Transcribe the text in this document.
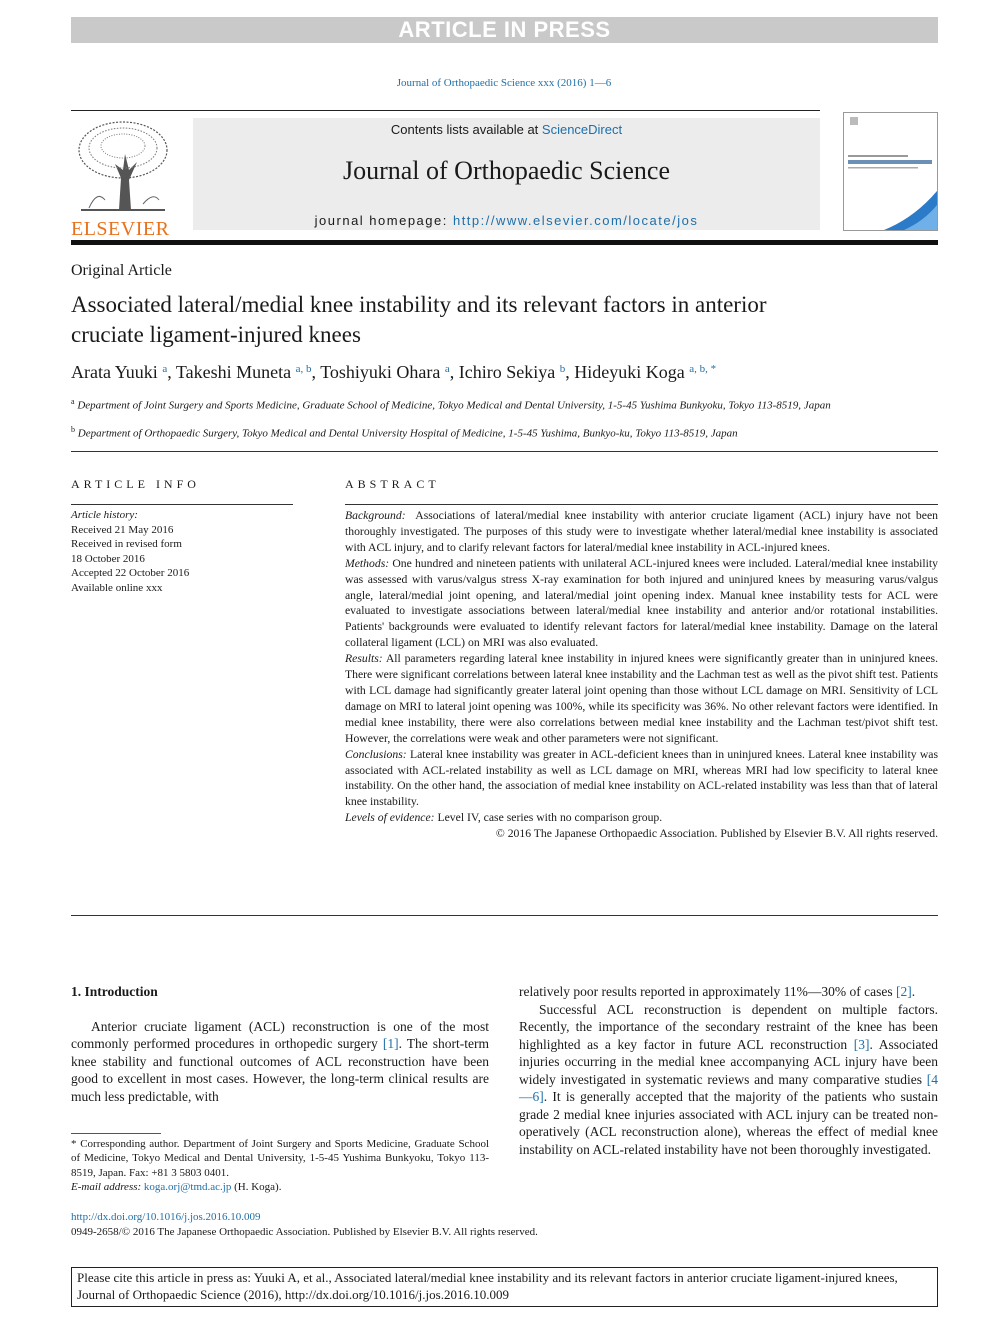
ARTICLE IN PRESS
Journal of Orthopaedic Science xxx (2016) 1—6
ELSEVIER
Contents lists available at ScienceDirect
Journal of Orthopaedic Science
journal homepage: http://www.elsevier.com/locate/jos
Original Article
Associated lateral/medial knee instability and its relevant factors in anterior cruciate ligament-injured knees
Arata Yuuki $^a$, Takeshi Muneta $^{a, b}$, Toshiyuki Ohara $^a$, Ichiro Sekiya $^b$, Hideyuki Koga $^{a, b, *}$
$^a$ Department of Joint Surgery and Sports Medicine, Graduate School of Medicine, Tokyo Medical and Dental University, 1-5-45 Yushima Bunkyoku, Tokyo 113-8519, Japan
$^b$ Department of Orthopaedic Surgery, Tokyo Medical and Dental University Hospital of Medicine, 1-5-45 Yushima, Bunkyo-ku, Tokyo 113-8519, Japan
ARTICLE INFO
Article history:
Received 21 May 2016
Received in revised form
18 October 2016
Accepted 22 October 2016
Available online xxx
ABSTRACT

Background: Associations of lateral/medial knee instability with anterior cruciate ligament (ACL) injury have not been thoroughly investigated. The purposes of this study were to investigate whether lateral/medial knee instability is associated with ACL injury, and to clarify relevant factors for lateral/medial knee instability in ACL-injured knees.

Methods: One hundred and nineteen patients with unilateral ACL-injured knees were included. Lateral/medial knee instability was assessed with varus/valgus stress X-ray examination for both injured and uninjured knees by measuring varus/valgus angle, lateral/medial joint opening, and lateral/medial joint opening index. Manual knee instability tests for ACL were evaluated to investigate associations between lateral/medial knee instability and anterior and/or rotational instabilities. Patients' backgrounds were evaluated to identify relevant factors for lateral/medial knee instability. Damage on the lateral collateral ligament (LCL) on MRI was also evaluated.

Results: All parameters regarding lateral knee instability in injured knees were significantly greater than in uninjured knees. There were significant correlations between lateral knee instability and the Lachman test as well as the pivot shift test. Patients with LCL damage had significantly greater lateral joint opening than those without LCL damage on MRI. Sensitivity of LCL damage on MRI to lateral joint opening was 100%, while its specificity was 36%. No other relevant factors were identified. In medial knee instability, there were also correlations between medial knee instability and the Lachman test/pivot shift test. However, the correlations were weak and other parameters were not significant.

Conclusions: Lateral knee instability was greater in ACL-deficient knees than in uninjured knees. Lateral knee instability was associated with ACL-related instability as well as LCL damage on MRI, whereas MRI had low specificity to lateral knee instability. On the other hand, the association of medial knee instability on ACL-related instability was less than that of lateral knee instability.

Levels of evidence: Level IV, case series with no comparison group.

© 2016 The Japanese Orthopaedic Association. Published by Elsevier B.V. All rights reserved.

1. Introduction

Anterior cruciate ligament (ACL) reconstruction is one of the most commonly performed procedures in orthopedic surgery [1]. The short-term knee stability and functional outcomes of ACL reconstruction have been good to excellent in most cases. However, the long-term clinical results are much less predictable, with

relatively poor results reported in approximately 11%—30% of cases [2].

Successful ACL reconstruction is dependent on multiple factors. Recently, the importance of the secondary restraint of the knee has been highlighted as a key factor in future ACL reconstruction [3]. Associated injuries occurring in the medial knee accompanying ACL injury have been widely investigated in systematic reviews and many comparative studies [4—6]. It is generally accepted that the majority of the patients who sustain grade 2 medial knee injuries associated with ACL injury can be treated non-operatively (ACL reconstruction alone), whereas the effect of medial knee instability on ACL-related instability have not been thoroughly investigated.

* Corresponding author. Department of Joint Surgery and Sports Medicine, Graduate School of Medicine, Tokyo Medical and Dental University, 1-5-45 Yushima Bunkyoku, Tokyo 113-8519, Japan. Fax: +81 3 5803 0401.
E-mail address: koga.orj@tmd.ac.jp (H. Koga).
http://dx.doi.org/10.1016/j.jos.2016.10.009
0949-2658/© 2016 The Japanese Orthopaedic Association. Published by Elsevier B.V. All rights reserved.
Please cite this article in press as: Yuuki A, et al., Associated lateral/medial knee instability and its relevant factors in anterior cruciate ligament-injured knees, Journal of Orthopaedic Science (2016), http://dx.doi.org/10.1016/j.jos.2016.10.009
